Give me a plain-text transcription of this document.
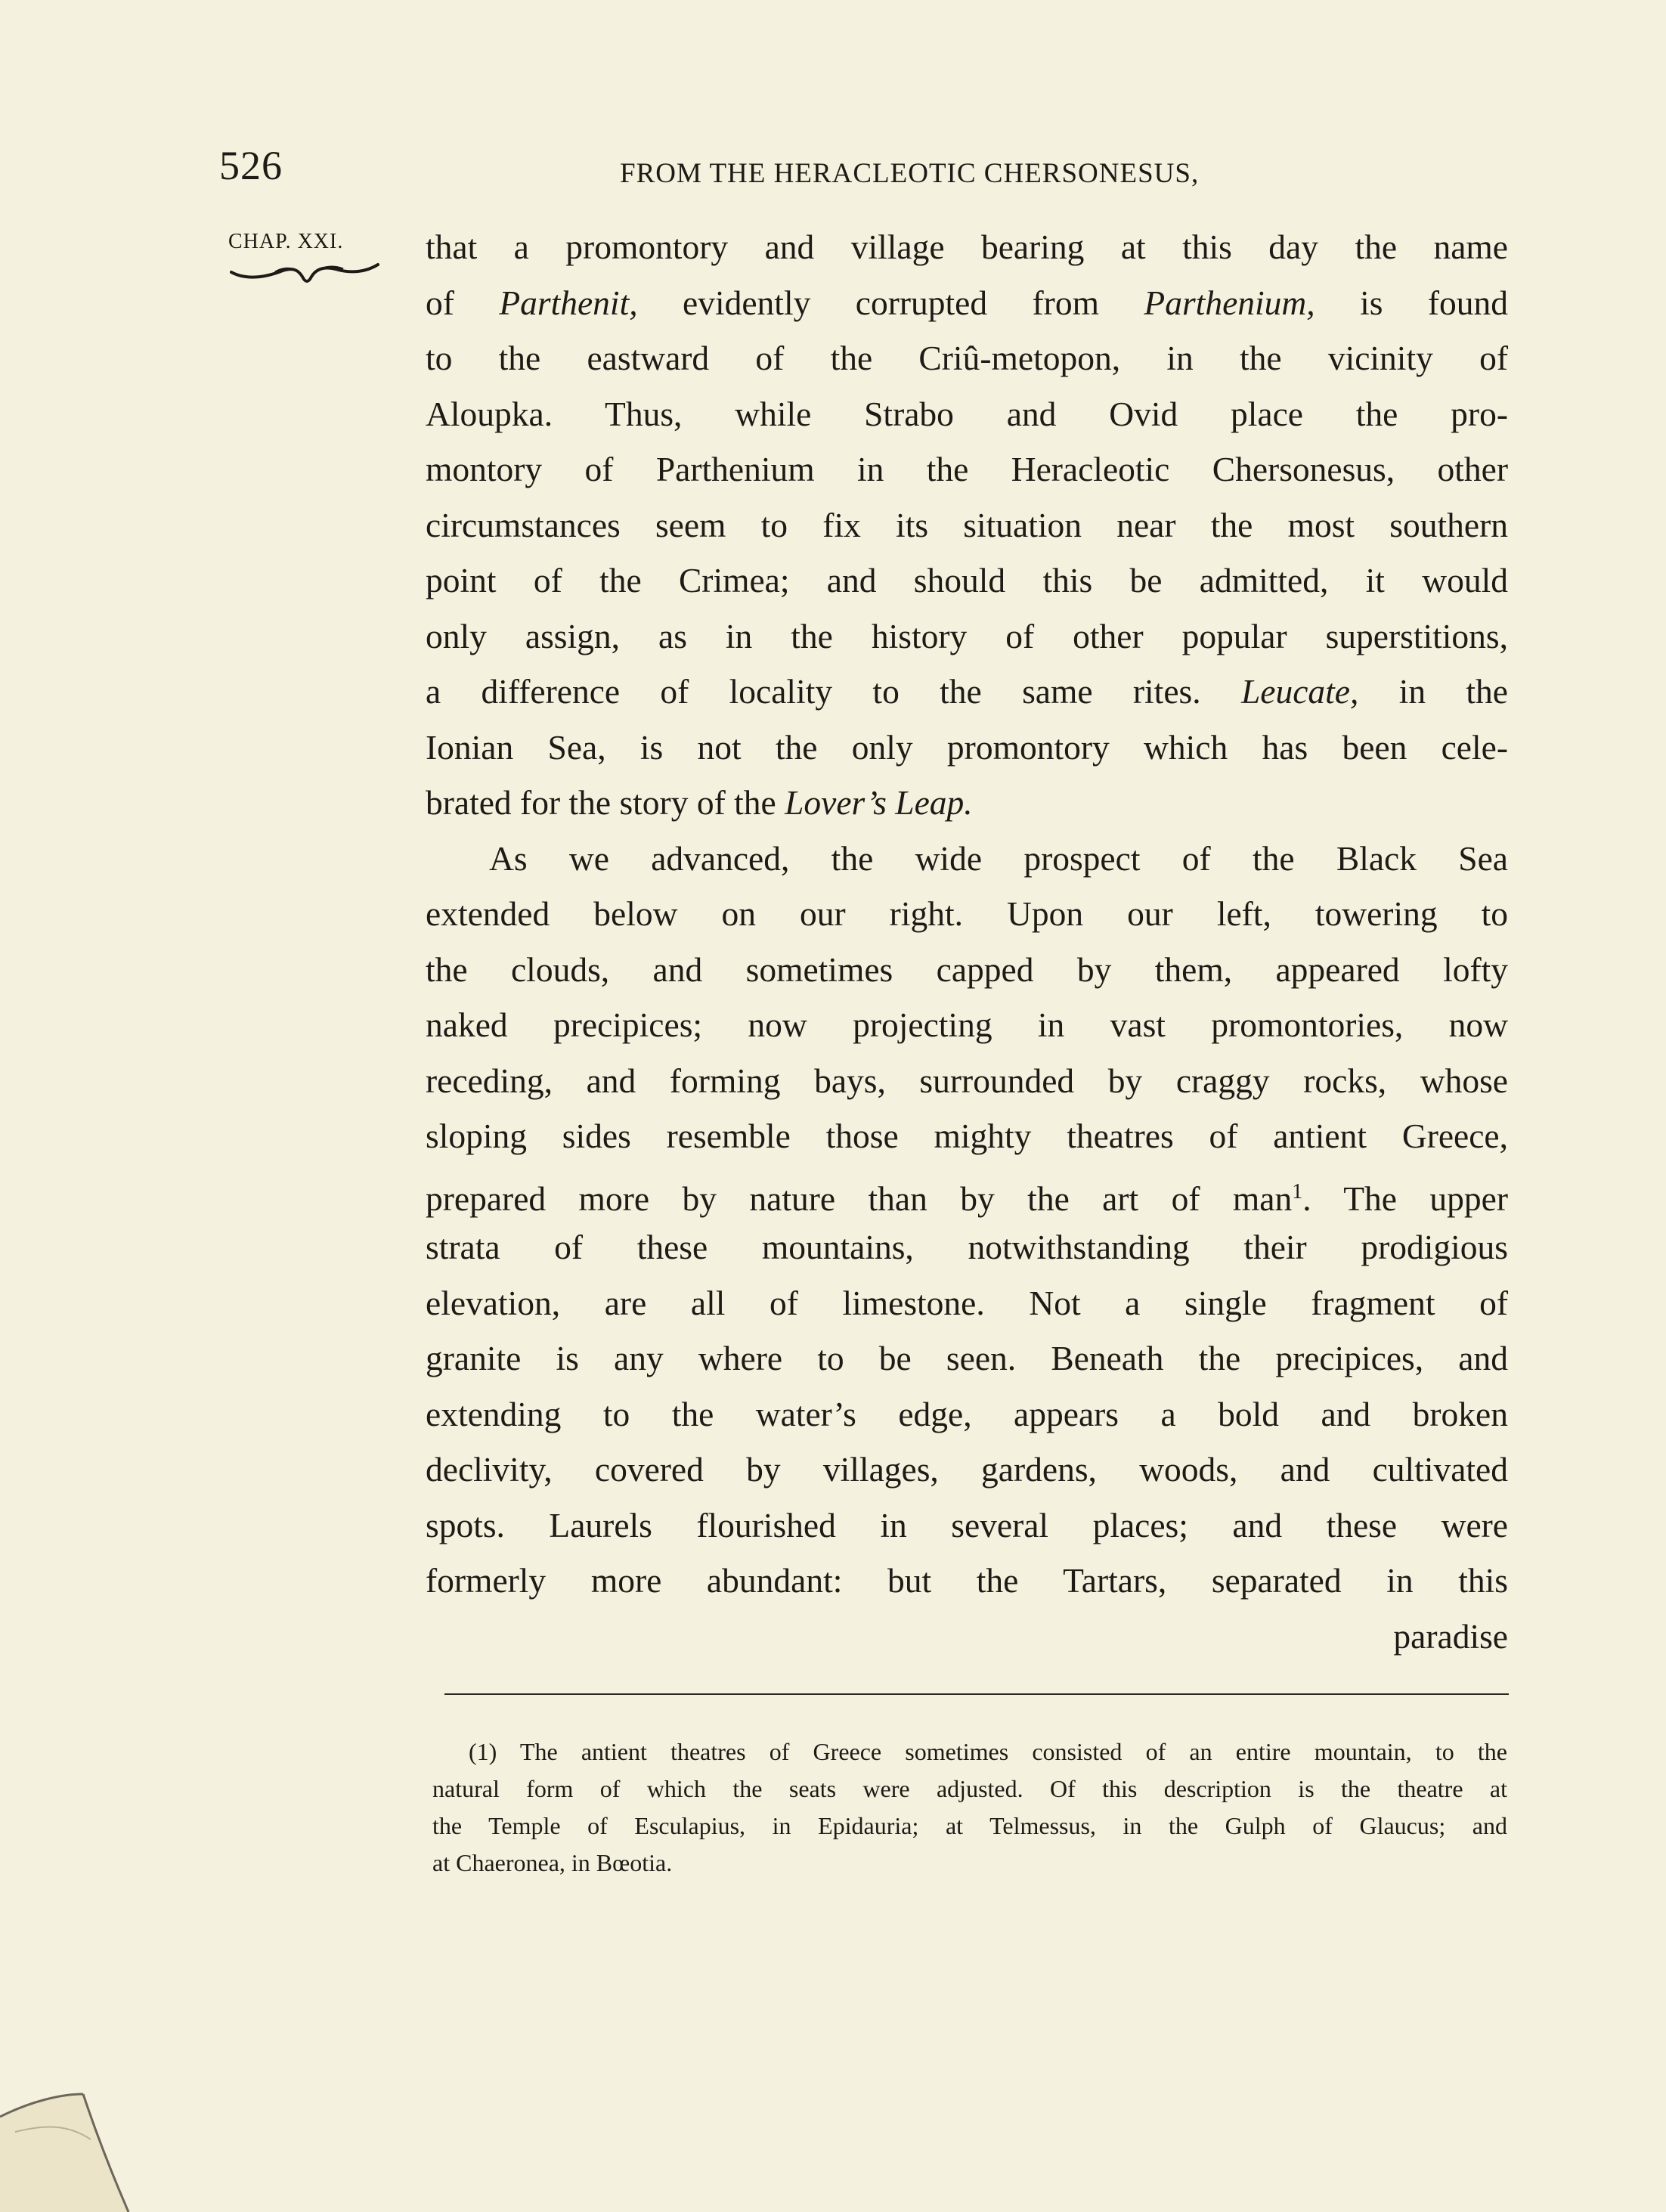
526	FROM THE HERACLEOTIC CHERSONESUS,
CHAP. XXI. that a promontory and village bearing at this day the name
of Parthenit, evidently corrupted from Parthenium, is found
to the eastward of the Criû-metopon, in the vicinity of
Aloupka. Thus, while Strabo and Ovid place the pro-
montory of Parthenium in the Heracleotic Chersonesus, other
circumstances seem to fix its situation near the most southern
point of the Crimea; and should this be admitted, it would
only assign, as in the history of other popular superstitions,
a difference of locality to the same rites. Leucate, in the
Ionian Sea, is not the only promontory which has been cele-
brated for the story of the Lover’s Leap.
As we advanced, the wide prospect of the Black Sea
extended below on our right. Upon our left, towering to
the clouds, and sometimes capped by them, appeared lofty
naked precipices; now projecting in vast promontories, now
receding, and forming bays, surrounded by craggy rocks, whose
sloping sides resemble those mighty theatres of antient Greece,
prepared more by nature than by the art of man$^1$. The upper
strata of these mountains, notwithstanding their prodigious
elevation, are all of limestone. Not a single fragment of
granite is any where to be seen. Beneath the precipices, and
extending to the water’s edge, appears a bold and broken
declivity, covered by villages, gardens, woods, and cultivated
spots. Laurels flourished in several places; and these were
formerly more abundant: but the Tartars, separated in this
paradise
(1) The antient theatres of Greece sometimes consisted of an entire mountain, to the
natural form of which the seats were adjusted. Of this description is the theatre at
the Temple of Esculapius, in Epidauria; at Telmessus, in the Gulph of Glaucus; and
at Chaeronea, in Bœotia.
